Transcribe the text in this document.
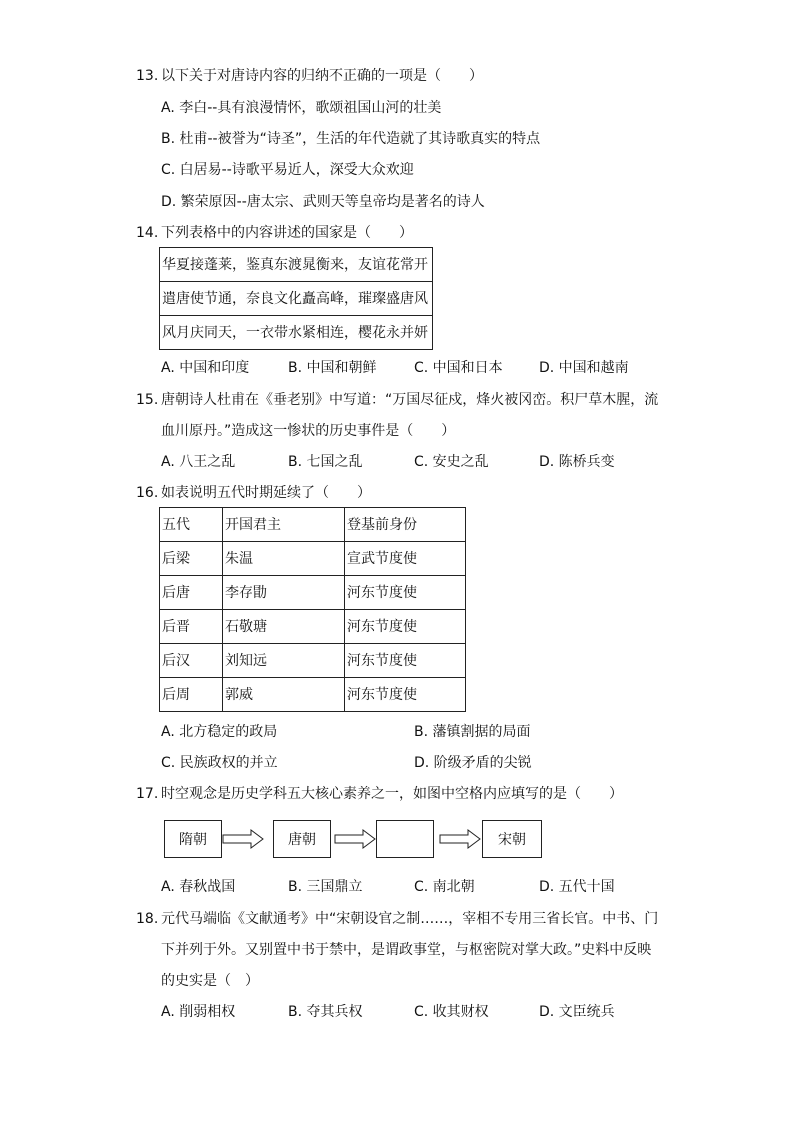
13. 以下关于对唐诗内容的归纳不正确的一项是（　　）
A. 李白--具有浪漫情怀，歌颂祖国山河的壮美
B. 杜甫--被誉为“诗圣”，生活的年代造就了其诗歌真实的特点
C. 白居易--诗歌平易近人，深受大众欢迎
D. 繁荣原因--唐太宗、武则天等皇帝均是著名的诗人
14. 下列表格中的内容讲述的国家是（　　）
华夏接蓬莱，鉴真东渡晁衡来，友谊花常开
遣唐使节通，奈良文化矗高峰，璀璨盛唐风
风月庆同天，一衣带水紧相连，樱花永并妍
A. 中国和印度	B. 中国和朝鲜	C. 中国和日本	D. 中国和越南
15. 唐朝诗人杜甫在《垂老别》中写道：“万国尽征戍，烽火被冈峦。积尸草木腥，流
血川原丹。”造成这一惨状的历史事件是（　　）
A. 八王之乱	B. 七国之乱	C. 安史之乱	D. 陈桥兵变
16. 如表说明五代时期延续了（　　）
五代	开国君主	登基前身份
后梁	朱温	宣武节度使
后唐	李存勖	河东节度使
后晋	石敬瑭	河东节度使
后汉	刘知远	河东节度使
后周	郭威	河东节度使
A. 北方稳定的政局	B. 藩镇割据的局面
C. 民族政权的并立	D. 阶级矛盾的尖锐
17. 时空观念是历史学科五大核心素养之一，如图中空格内应填写的是（　　）
隋朝	唐朝	宋朝
A. 春秋战国	B. 三国鼎立	C. 南北朝	D. 五代十国
18. 元代马端临《文献通考》中“宋朝设官之制……，宰相不专用三省长官。中书、门
下并列于外。又别置中书于禁中，是谓政事堂，与枢密院对掌大政。”史料中反映
的史实是（　）
A. 削弱相权	B. 夺其兵权	C. 收其财权	D. 文臣统兵
